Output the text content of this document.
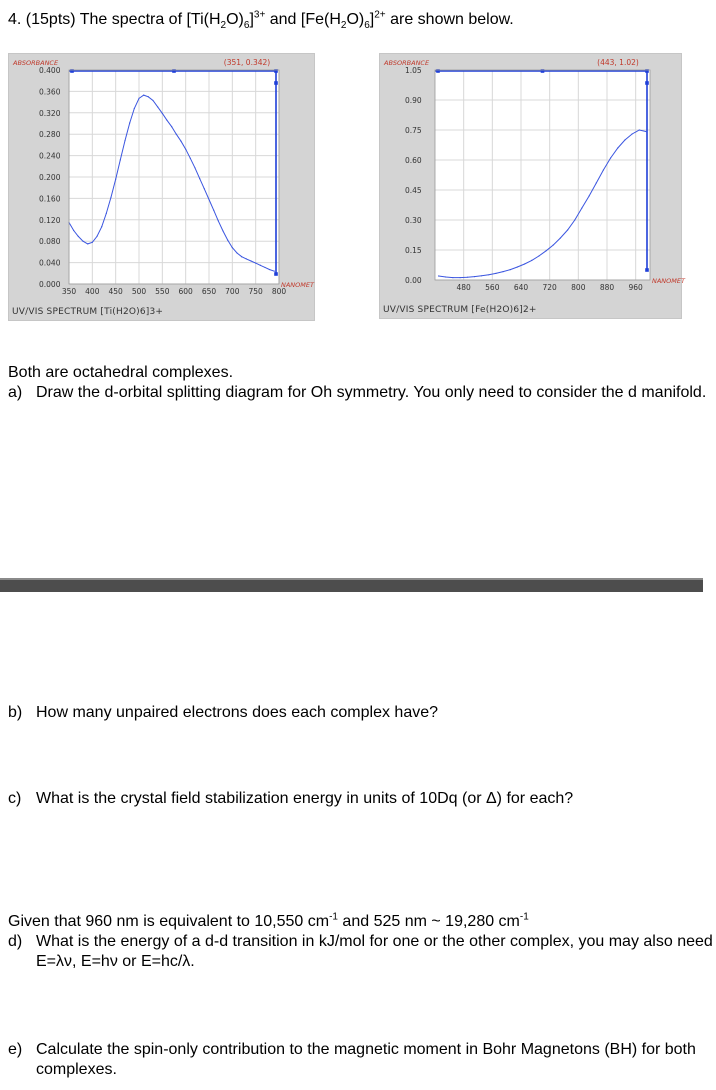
4. (15pts) The spectra of $[Ti(H_2O)_6]^{3+}$ and $[Fe(H_2O)_6]^{2+}$ are shown below.
350 400 450 500 550 600 650 700 750 800
0.000
0.040
0.080
0.120
0.160
0.200
0.240
0.280
0.320
0.360
0.400
ABSORBANCE
NANOMET
(351, 0.342)
UV/VIS SPECTRUM [Ti(H2O)6]3+
480 560 640 720 800 880 960
0.00
0.15
0.30
0.45
0.60
0.75
0.90
1.05
ABSORBANCE
NANOMET
(443, 1.02)
UV/VIS SPECTRUM [Fe(H2O)6]2+
Both are octahedral complexes.
a) Draw the d-orbital splitting diagram for Oh symmetry. You only need to consider the d manifold.
b) How many unpaired electrons does each complex have?
c) What is the crystal field stabilization energy in units of 10Dq (or Δ) for each?
Given that 960 nm is equivalent to 10,550 $cm^{-1}$ and 525 nm ~ 19,280 $cm^{-1}$
d) What is the energy of a d-d transition in kJ/mol for one or the other complex, you may also need E=λν, E=hν or E=hc/λ.
e) Calculate the spin-only contribution to the magnetic moment in Bohr Magnetons (BH) for both complexes.
